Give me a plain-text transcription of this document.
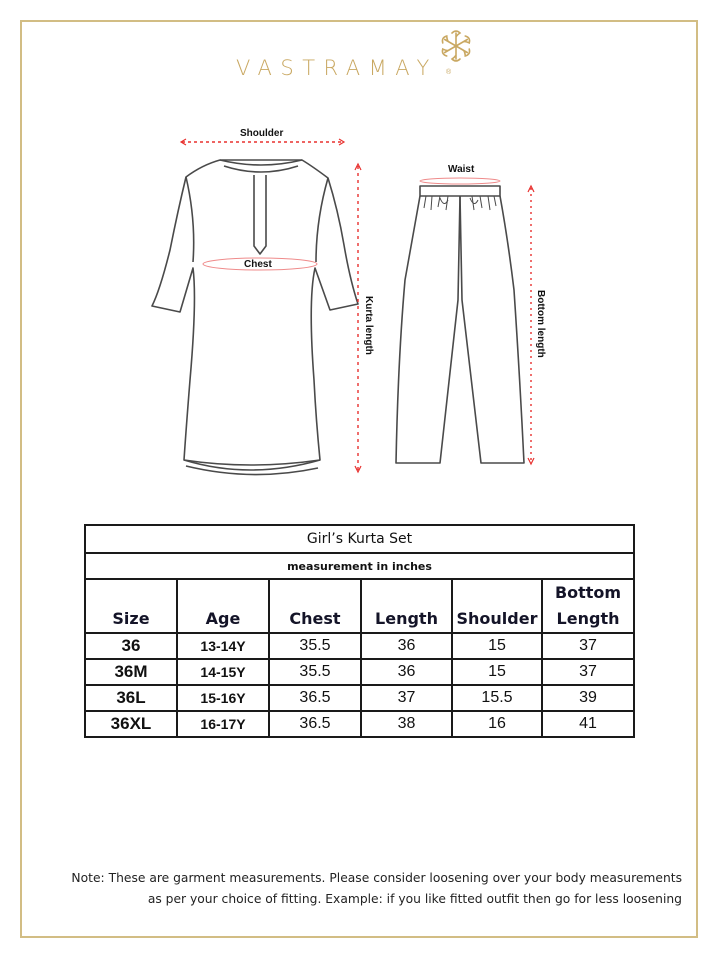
VASTRAMAY ®
Shoulder
Chest
Kurta length
Waist
Bottom length
Girl’s Kurta Set					
measurement in inches					
Size	Age	Chest	Length	Shoulder	Bottom
Length
36	13-14Y	35.5	36	15	37
36M	14-15Y	35.5	36	15	37
36L	15-16Y	36.5	37	15.5	39
36XL	16-17Y	36.5	38	16	41
Note: These are garment measurements. Please consider loosening over your body measurements
as per your choice of fitting. Example: if you like fitted outfit then go for less loosening
